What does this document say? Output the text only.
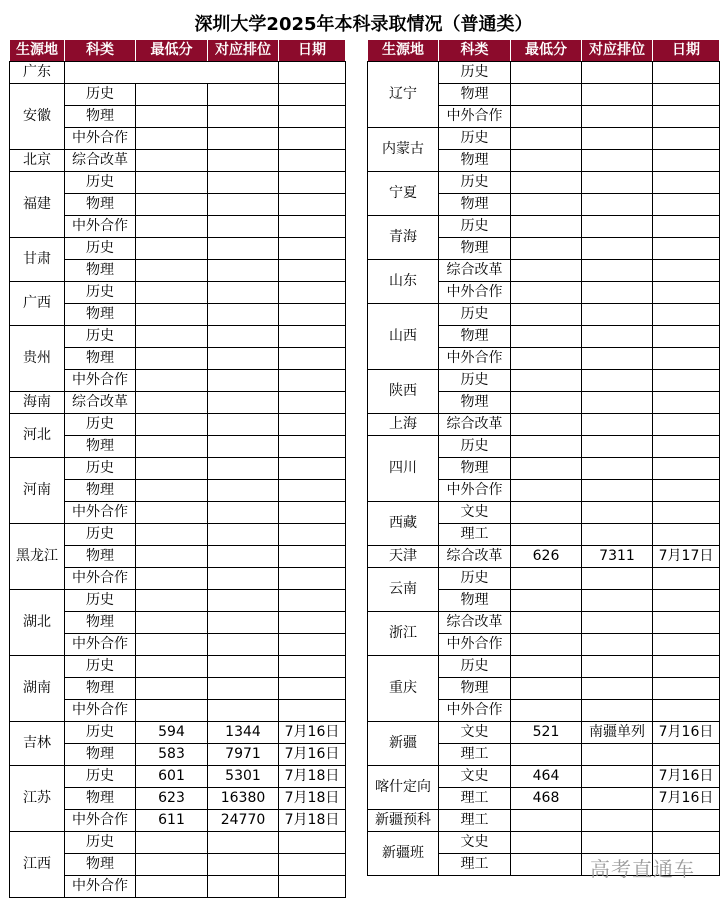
深圳大学2025年本科录取情况（普通类）
生源地	科类	最低分	对应排位	日期
广东				
安徽	历史			
	物理			
	中外合作			
北京	综合改革			
福建	历史			
	物理			
	中外合作			
甘肃	历史			
	物理			
广西	历史			
	物理			
贵州	历史			
	物理			
	中外合作			
海南	综合改革			
河北	历史			
	物理			
河南	历史			
	物理			
	中外合作			
黑龙江	历史			
	物理			
	中外合作			
湖北	历史			
	物理			
	中外合作			
湖南	历史			
	物理			
	中外合作			
吉林	历史	594	1344	7月16日
	物理	583	7971	7月16日
江苏	历史	601	5301	7月18日
	物理	623	16380	7月18日
	中外合作	611	24770	7月18日
江西	历史			
	物理			
	中外合作			
生源地	科类	最低分	对应排位	日期
辽宁	历史			
	物理			
	中外合作			
内蒙古	历史			
	物理			
宁夏	历史			
	物理			
青海	历史			
	物理			
山东	综合改革			
	中外合作			
山西	历史			
	物理			
	中外合作			
陕西	历史			
	物理			
上海	综合改革			
四川	历史			
	物理			
	中外合作			
西藏	文史			
	理工			
天津	综合改革	626	7311	7月17日
云南	历史			
	物理			
浙江	综合改革			
	中外合作			
重庆	历史			
	物理			
	中外合作			
新疆	文史	521	南疆单列	7月16日
	理工			
喀什定向	文史	464		7月16日
	理工	468		7月16日
新疆预科	理工			
新疆班	文史			
	理工				高考直通车
